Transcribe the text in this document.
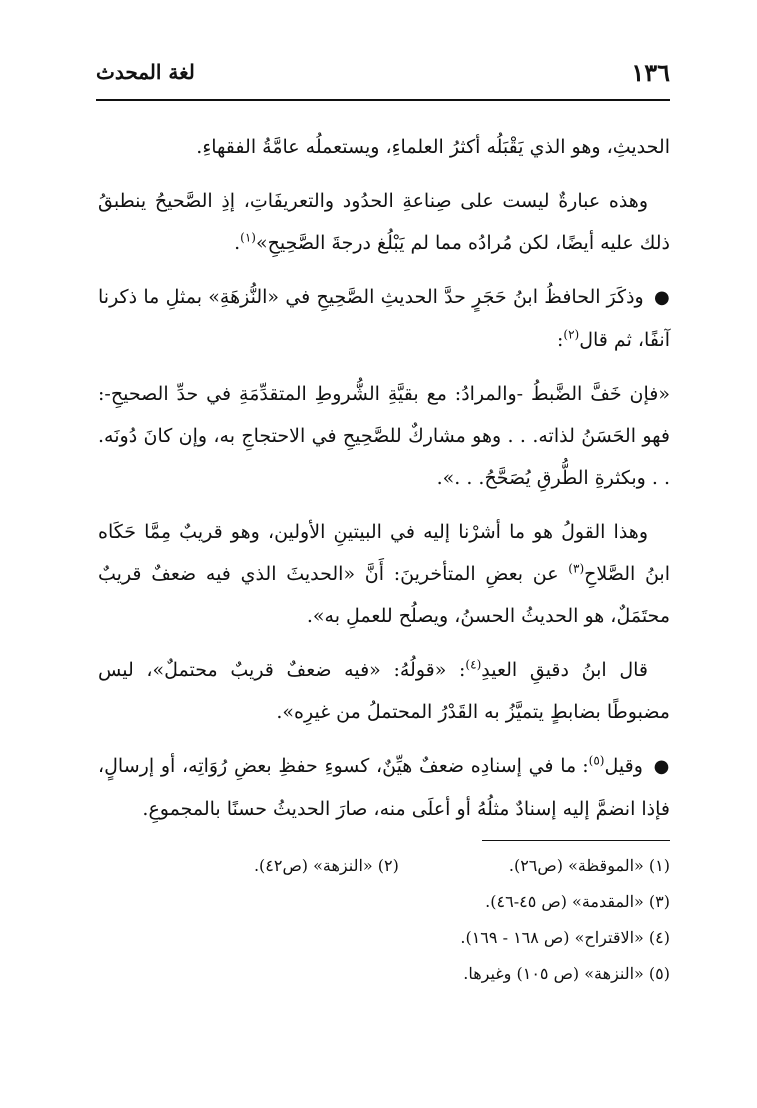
١٣٦
لغة المحدث

الحديثِ، وهو الذي يَقْبَلُه أكثرُ العلماءِ، ويستعملُه عامَّةُ الفقهاءِ.

وهذه عبارةٌ ليست على صِناعةِ الحدُود والتعريفَاتِ، إذِ الصَّحيحُ ينطبقُ ذلك عليه أيضًا، لكن مُرادُه مما لم يَبْلُغ درجةَ الصَّحِيحِ»$^{(١)}$.

● وذكَرَ الحافظُ ابنُ حَجَرٍ حدَّ الحديثِ الصَّحِيحِ في «النُّزهَةِ» بمثلِ ما ذكرنا آنفًا، ثم قال$^{(٢)}$:

«فإن خَفَّ الضَّبطُ -والمرادُ: مع بقيَّةِ الشُّروطِ المتقدِّمَةِ في حدِّ الصحيحِ-: فهو الحَسَنُ لذاته. . . وهو مشاركٌ للصَّحِيحِ في الاحتجاجِ به، وإن كانَ دُونَه. . . وبكثرةِ الطُّرقِ يُصَحَّحُ. . .».

وهذا القولُ هو ما أشرْنا إليه في البيتينِ الأولين، وهو قريبٌ مِمَّا حَكَاه ابنُ الصَّلاحِ$^{(٣)}$ عن بعضِ المتأخرينَ: أَنَّ «الحديثَ الذي فيه ضعفٌ قريبٌ محتَمَلٌ، هو الحديثُ الحسنُ، ويصلُح للعملِ به».

قال ابنُ دقيقِ العيدِ$^{(٤)}$: «قولُهُ: «فيه ضعفٌ قريبٌ محتملٌ»، ليس مضبوطًا بضابطٍ يتميَّزُ به القَدْرُ المحتملُ من غيرِه».

● وقيل$^{(٥)}$: ما في إسنادِه ضعفٌ هيِّنٌ، كسوءِ حفظِ بعضِ رُوَاتِه، أو إرسالٍ، فإذا انضمَّ إليه إسنادٌ مثلُهُ أو أعلَى منه، صارَ الحديثُ حسنًا بالمجموعِ.

(١) «الموقظة» (ص٢٦).
(٢) «النزهة» (ص٤٢).
(٣) «المقدمة» (ص ٤٥-٤٦).
(٤) «الاقتراح» (ص ١٦٨ - ١٦٩).
(٥) «النزهة» (ص ١٠٥) وغيرها.
